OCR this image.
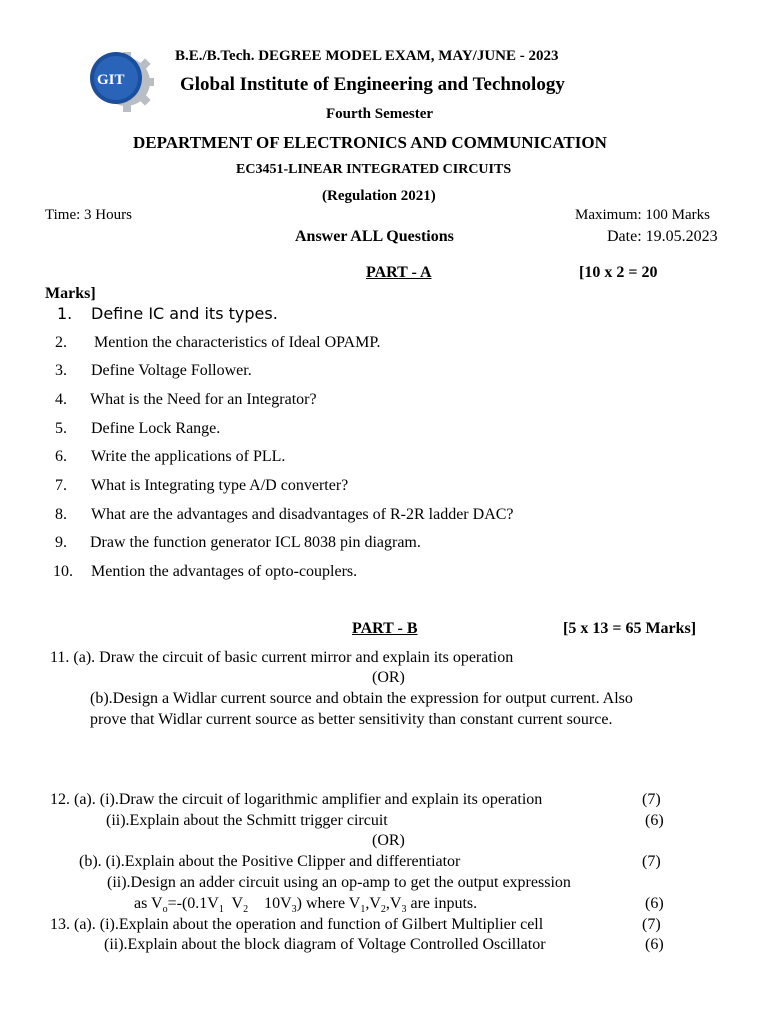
GIT
B.E./B.Tech. DEGREE MODEL EXAM, MAY/JUNE - 2023
Global Institute of Engineering and Technology
Fourth Semester
DEPARTMENT OF ELECTRONICS AND COMMUNICATION
EC3451-LINEAR INTEGRATED CIRCUITS
(Regulation 2021)
Time: 3 Hours	Maximum: 100 Marks
Answer ALL Questions	Date: 19.05.2023
PART - A	[10 x 2 = 20
Marks]
1. Define IC and its types.
2. Mention the characteristics of Ideal OPAMP.
3. Define Voltage Follower.
4. What is the Need for an Integrator?
5. Define Lock Range.
6. Write the applications of PLL.
7. What is Integrating type A/D converter?
8. What are the advantages and disadvantages of R-2R ladder DAC?
9. Draw the function generator ICL 8038 pin diagram.
10. Mention the advantages of opto-couplers.
PART - B	[5 x 13 = 65 Marks]
11. (a). Draw the circuit of basic current mirror and explain its operation
(OR)
(b).Design a Widlar current source and obtain the expression for output current. Also
prove that Widlar current source as better sensitivity than constant current source.
12. (a). (i).Draw the circuit of logarithmic amplifier and explain its operation	(7)
(ii).Explain about the Schmitt trigger circuit	(6)
(OR)
(b). (i).Explain about the Positive Clipper and differentiator	(7)
(ii).Design an adder circuit using an op-amp to get the output expression
as $V_o=-(0.1V_1$  $V_2$    $10V_3$) where $V_1,V_2,V_3$ are inputs.	(6)
13. (a). (i).Explain about the operation and function of Gilbert Multiplier cell	(7)
(ii).Explain about the block diagram of Voltage Controlled Oscillator	(6)
